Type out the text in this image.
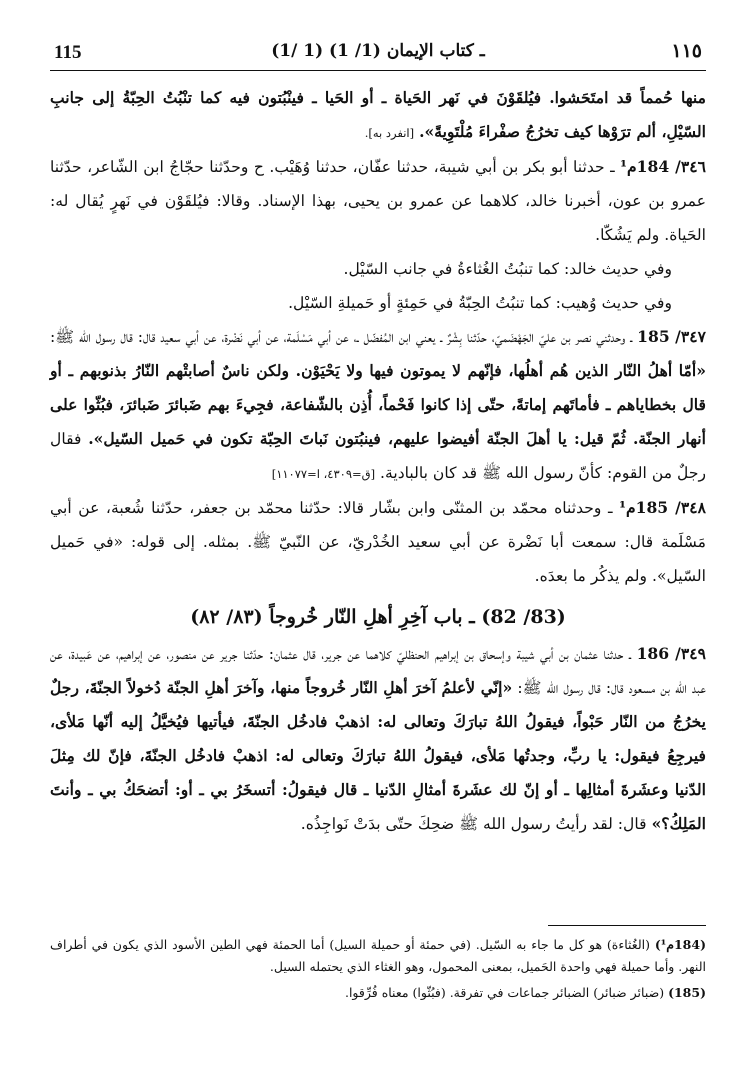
115	(1/ 1) ـ كتاب الإيمان (1/ 1)	١١٥

منها حُمماً قد امتَحَشوا. فيُلقَوْنَ في نَهر الحَياة ـ أو الحَيا ـ فينْبُتون فيه كما تنْبُتُ الحِبّةُ إلى جانبِ السّيْلِ، ألم ترَوْها كيف تخرُجُ صفْراءَ مُلْتَوِيةً». [انفرد به].

٣٤٦/ 184م¹ ـ حدثنا أبو بكر بن أبي شيبة، حدثنا عفّان، حدثنا وُهَيْب. ح وحدّثنا حجّاجُ ابن الشّاعر، حدّثنا عمرو بن عون، أخبرنا خالد، كلاهما عن عمرو بن يحيى، بهذا الإسناد. وقالا: فيُلقَوْن في نَهرٍ يُقال له: الحَياة. ولم يَشُكّا.

وفي حديث خالد: كما تنبُتُ الغُثاءةُ في جانب السّيْل.

وفي حديث وُهيب: كما تنبُتُ الحِبّةُ في حَمِئةٍ أو حَميلةِ السّيْل.

٣٤٧/ 185 ـ وحدثني نصر بن عليّ الجَهْضَميّ، حدّثنا بِشْرٌ ـ يعني ابن المُفضّل ـ، عن أبي مَسْلَمة، عن أبي نَضْرة، عن أبي سعيد قال: قال رسول الله ﷺ: «أمّا أهلُ النّار الذين هُم أهلُها، فإنّهم لا يموتون فيها ولا يَحْيَوْن. ولكن ناسٌ أصابتْهم النّارُ بذنوبهم ـ أو قال بخطاياهم ـ فأماتَهم إماتةً، حتّى إذا كانوا فَحْماً، أُذِن بالشّفاعة، فجِيءَ بهم ضَبائرَ ضَبائرَ، فبُثّوا على أنهار الجنّة. ثُمّ قيل: يا أهلَ الجنّة أفيضوا عليهم، فينبُتون نَباتَ الحِبّة تكون في حَميل السّيل». فقال رجلٌ من القوم: كأنّ رسول الله ﷺ قد كان بالبادية. [ق=٤٣٠٩، ا=١١٠٧٧]

٣٤٨/ 185م¹ ـ وحدثناه محمّد بن المثنّى وابن بشّار قالا: حدّثنا محمّد بن جعفر، حدّثنا شُعبة، عن أبي مَسْلَمة قال: سمعت أبا نَضْرة عن أبي سعيد الخُدْريّ، عن النّبيّ ﷺ. بمثله. إلى قوله: «في حَميل السّيل». ولم يذكُر ما بعدَه.

(83/ 82) ـ باب آخِرِ أهلِ النّار خُروجاً (٨٣/ ٨٢)

٣٤٩/ 186 ـ حدثنا عثمان بن أبي شيبة وإسحاق بن إبراهيم الحنظليّ كلاهما عن جرير، قال عثمان: حدّثنا جرير عن منصور، عن إبراهيم، عن عَبيدة، عن عبد الله بن مسعود قال: قال رسول الله ﷺ: «إنّي لأعلمُ آخرَ أهلِ النّار خُروجاً منها، وآخرَ أهلِ الجنّة دُخولاً الجنّةَ، رجلٌ يخرُجُ من النّار حَبْواً، فيقولُ اللهُ تبارَكَ وتعالى له: اذهبْ فادخُل الجنّةَ، فيأتيها فيُخيَّلُ إليه أنّها مَلأى، فيرجِعُ فيقول: يا ربِّ، وجدتُها مَلأى، فيقولُ اللهُ تبارَكَ وتعالى له: اذهبْ فادخُل الجنّةَ، فإنّ لك مِثلَ الدّنيا وعشَرةَ أمثالِها ـ أو إنّ لك عشَرةَ أمثالِ الدّنيا ـ قال فيقولُ: أتسخَرُ بي ـ أو: أتضحَكُ بي ـ وأنتَ المَلِكُ؟» قال: لقد رأيتُ رسول الله ﷺ ضحِكَ حتّى بدَتْ نَواجِذُه.

(184م¹) (الغُثاءة) هو كل ما جاء به السّيل. (في حمئة أو حميلة السيل) أما الحمئة فهي الطين الأسود الذي يكون في أطراف النهر. وأما حميلة فهي واحدة الحَميل، بمعنى المحمول، وهو الغثاء الذي يحتمله السيل.

(185) (ضبائر ضبائر) الضبائر جماعات في تفرقة. (فبُثّوا) معناه فُرِّقوا.
